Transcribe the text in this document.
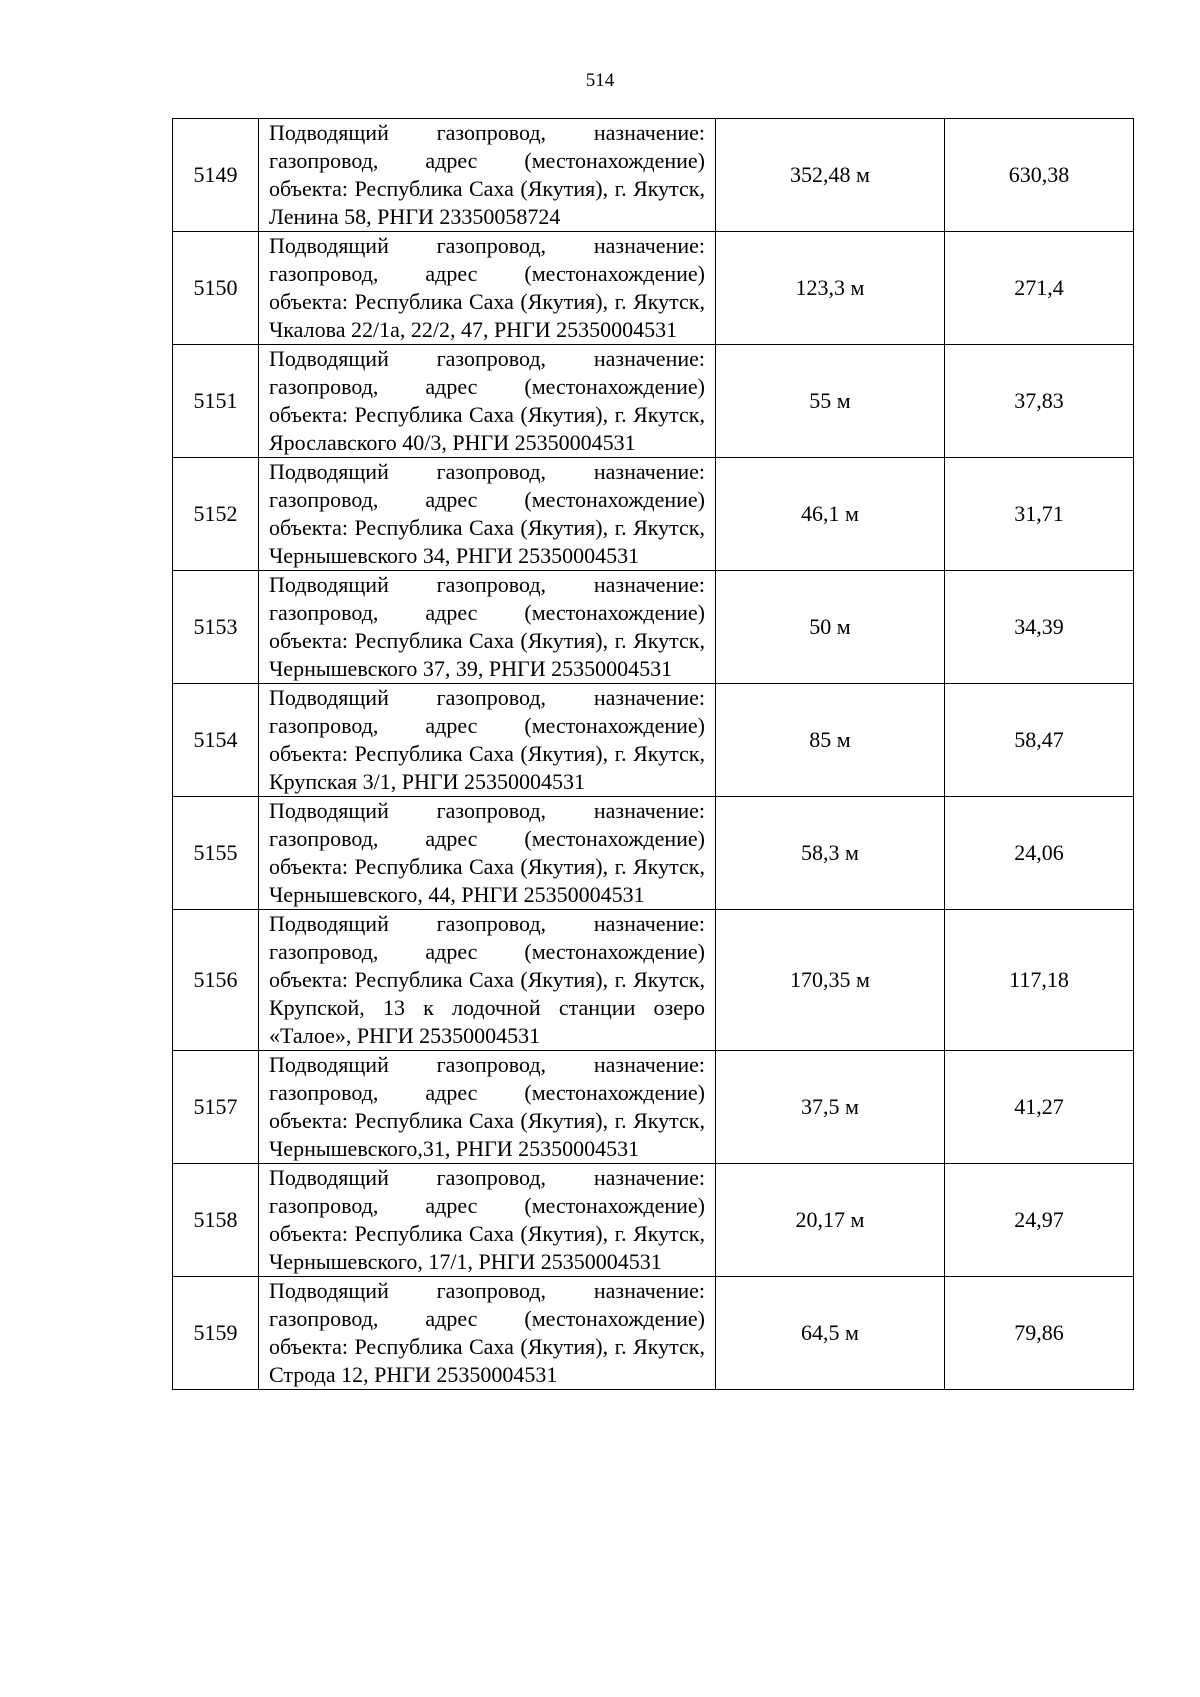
514
5149	Подводящий газопровод, назначение: газопровод, адрес (местонахождение) объекта: Республика Саха (Якутия), г. Якутск, Ленина 58, РНГИ 23350058724	352,48 м	630,38
5150	Подводящий газопровод, назначение: газопровод, адрес (местонахождение) объекта: Республика Саха (Якутия), г. Якутск, Чкалова 22/1а, 22/2, 47, РНГИ 25350004531	123,3 м	271,4
5151	Подводящий газопровод, назначение: газопровод, адрес (местонахождение) объекта: Республика Саха (Якутия), г. Якутск, Ярославского 40/3, РНГИ 25350004531	55 м	37,83
5152	Подводящий газопровод, назначение: газопровод, адрес (местонахождение) объекта: Республика Саха (Якутия), г. Якутск, Чернышевского 34, РНГИ 25350004531	46,1 м	31,71
5153	Подводящий газопровод, назначение: газопровод, адрес (местонахождение) объекта: Республика Саха (Якутия), г. Якутск, Чернышевского 37, 39, РНГИ 25350004531	50 м	34,39
5154	Подводящий газопровод, назначение: газопровод, адрес (местонахождение) объекта: Республика Саха (Якутия), г. Якутск, Крупская 3/1, РНГИ 25350004531	85 м	58,47
5155	Подводящий газопровод, назначение: газопровод, адрес (местонахождение) объекта: Республика Саха (Якутия), г. Якутск, Чернышевского, 44, РНГИ 25350004531	58,3 м	24,06
5156	Подводящий газопровод, назначение: газопровод, адрес (местонахождение) объекта: Республика Саха (Якутия), г. Якутск, Крупской, 13 к лодочной станции озеро «Талое», РНГИ 25350004531	170,35 м	117,18
5157	Подводящий газопровод, назначение: газопровод, адрес (местонахождение) объекта: Республика Саха (Якутия), г. Якутск, Чернышевского,31, РНГИ 25350004531	37,5 м	41,27
5158	Подводящий газопровод, назначение: газопровод, адрес (местонахождение) объекта: Республика Саха (Якутия), г. Якутск, Чернышевского, 17/1, РНГИ 25350004531	20,17 м	24,97
5159	Подводящий газопровод, назначение: газопровод, адрес (местонахождение) объекта: Республика Саха (Якутия), г. Якутск, Строда 12, РНГИ 25350004531	64,5 м	79,86
